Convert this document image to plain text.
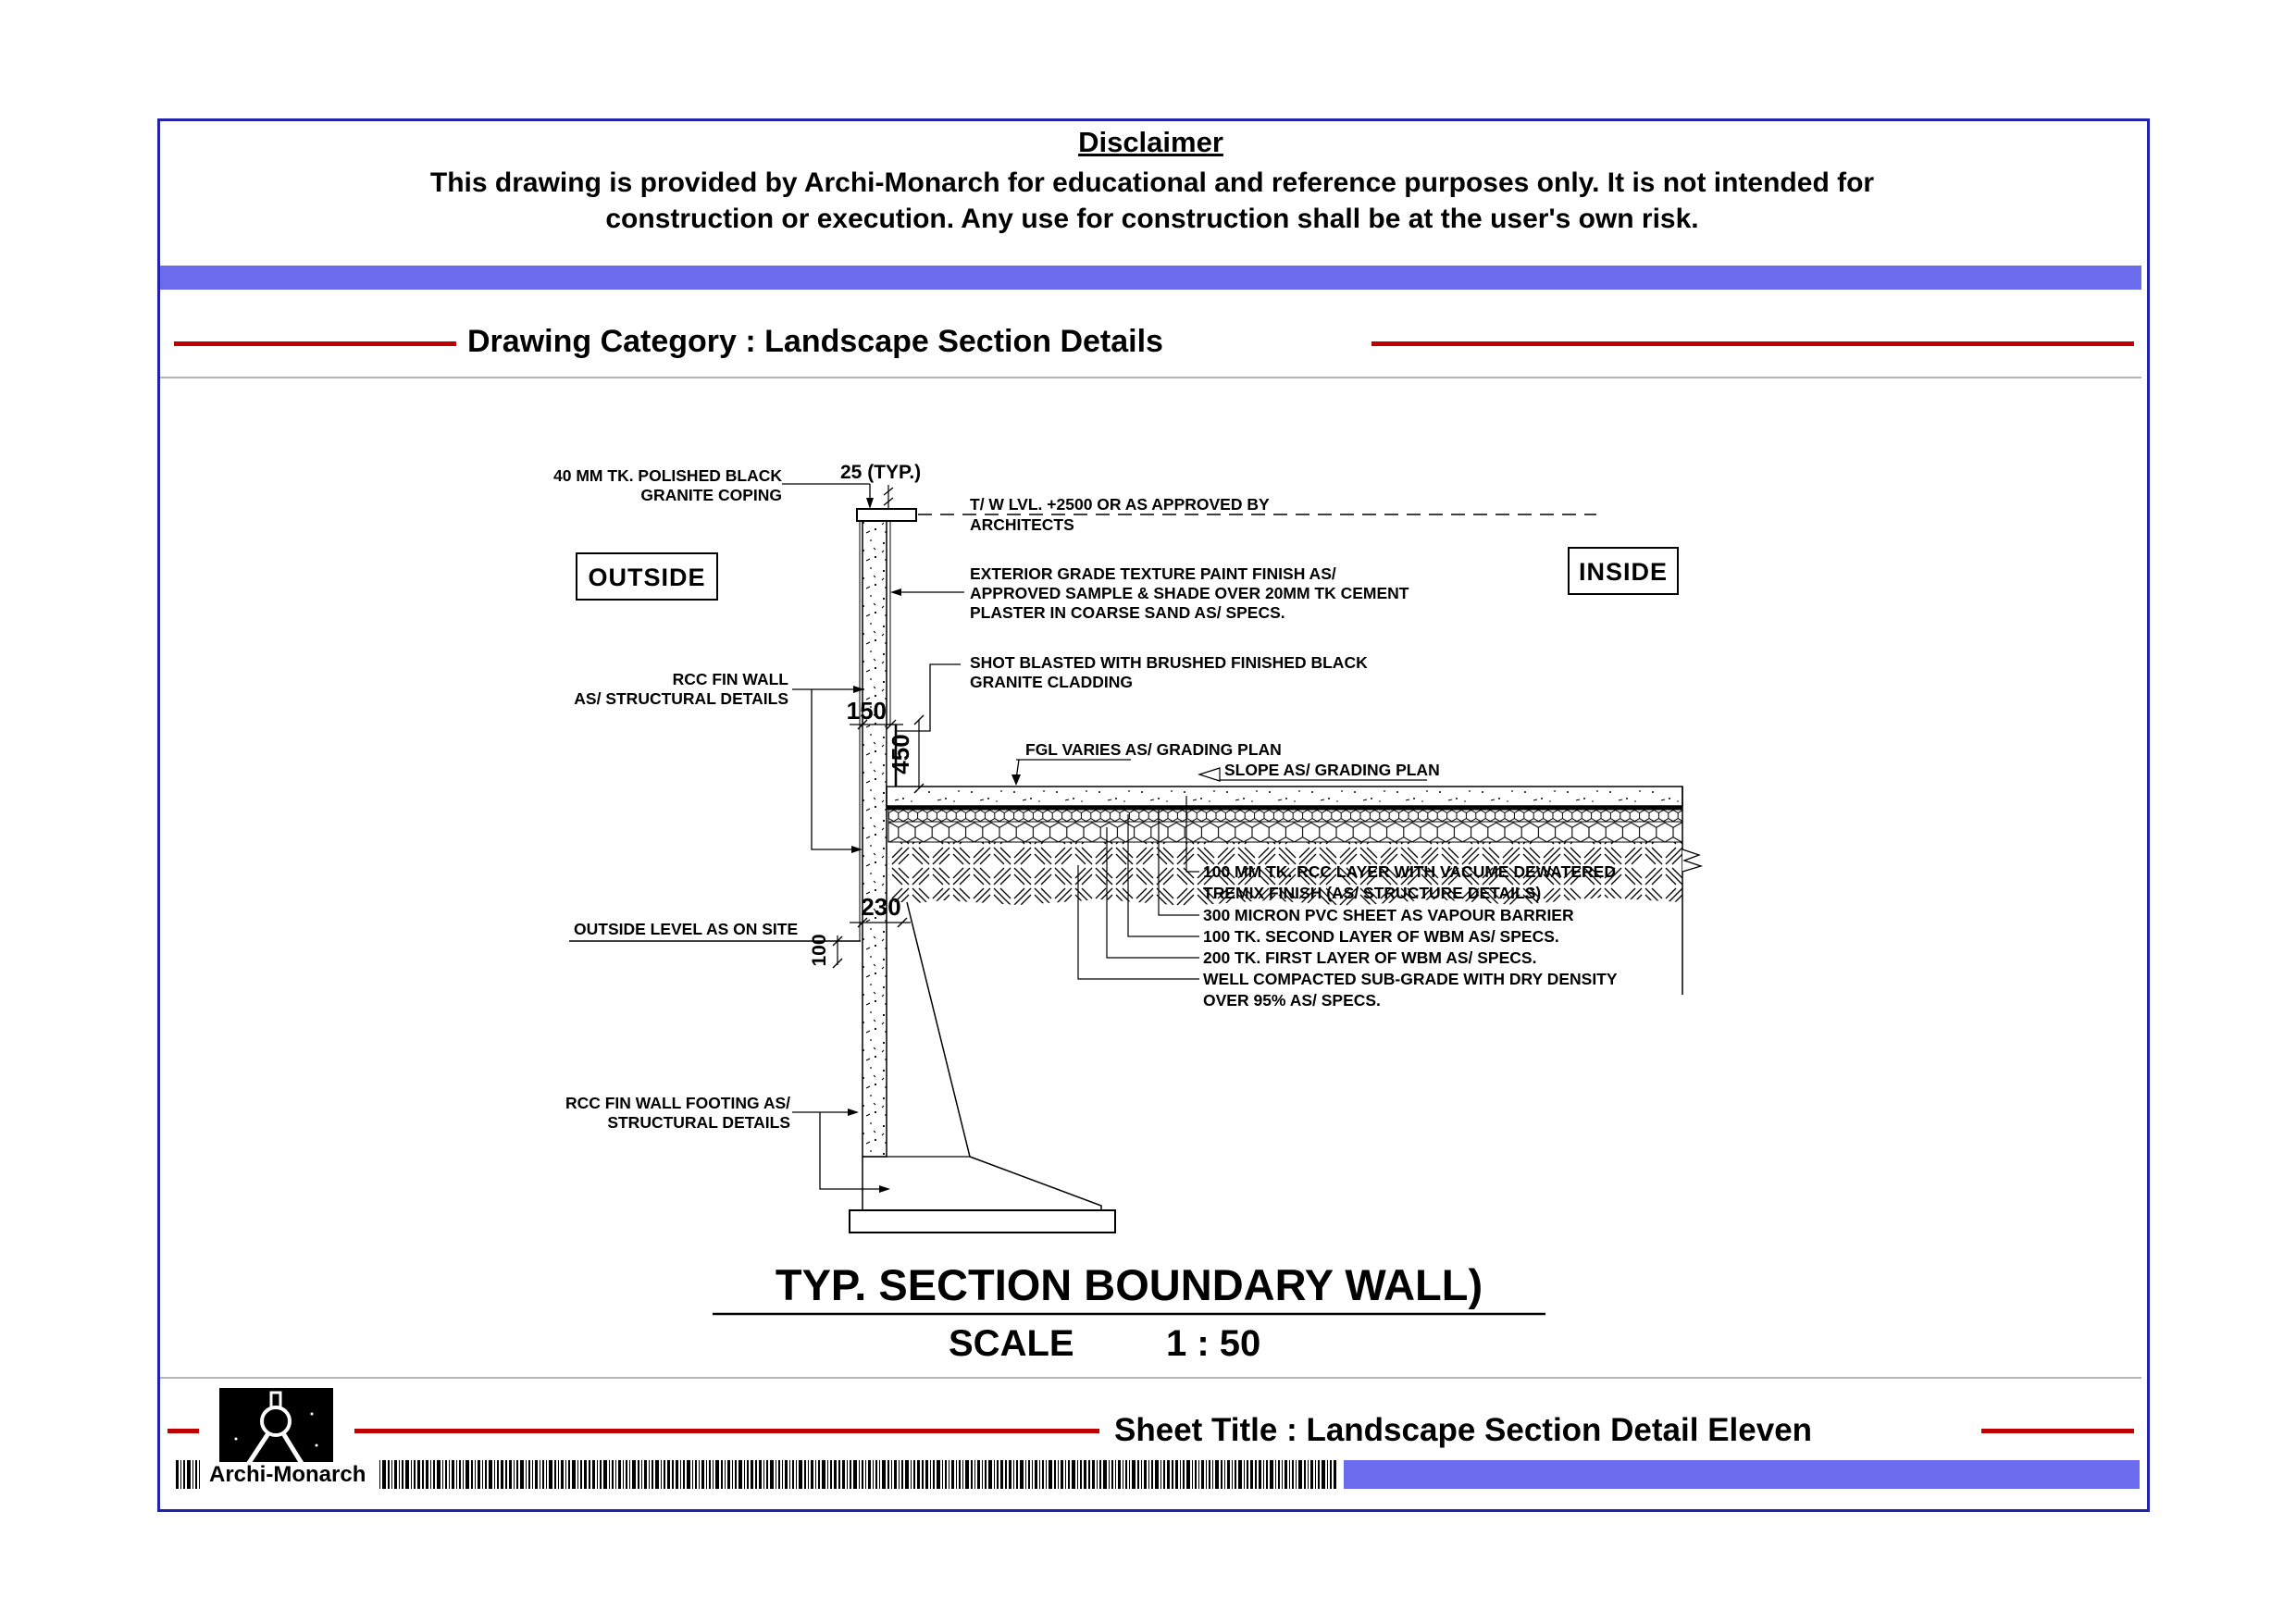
Disclaimer
This drawing is provided by Archi-Monarch for educational and reference purposes only. It is not intended for
construction or execution. Any use for construction shall be at the user's own risk.
Drawing Category : Landscape Section Details
40 MM TK. POLISHED BLACK
GRANITE COPING
25 (TYP.)
T/ W LVL. +2500 OR AS APPROVED BY
ARCHITECTS
OUTSIDE	INSIDE
EXTERIOR GRADE TEXTURE PAINT FINISH AS/
APPROVED SAMPLE & SHADE OVER 20MM TK CEMENT
PLASTER IN COARSE SAND AS/ SPECS.
SHOT BLASTED WITH BRUSHED FINISHED BLACK
GRANITE CLADDING
RCC FIN WALL
AS/ STRUCTURAL DETAILS 150
450	FGL VARIES AS/ GRADING PLAN
SLOPE AS/ GRADING PLAN
100 MM TK. RCC LAYER WITH VACUME DEWATERED
TREMIX FINISH (AS/ STRUCTURE DETAILS)
300 MICRON PVC SHEET AS VAPOUR BARRIER
100 TK. SECOND LAYER OF WBM AS/ SPECS.
200 TK. FIRST LAYER OF WBM AS/ SPECS.
WELL COMPACTED SUB-GRADE WITH DRY DENSITY
OVER 95% AS/ SPECS.
OUTSIDE LEVEL AS ON SITE
230
100
RCC FIN WALL FOOTING AS/
STRUCTURAL DETAILS
TYP. SECTION BOUNDARY WALL)
SCALE 1 : 50
Sheet Title : Landscape Section Detail Eleven
Archi-Monarch
